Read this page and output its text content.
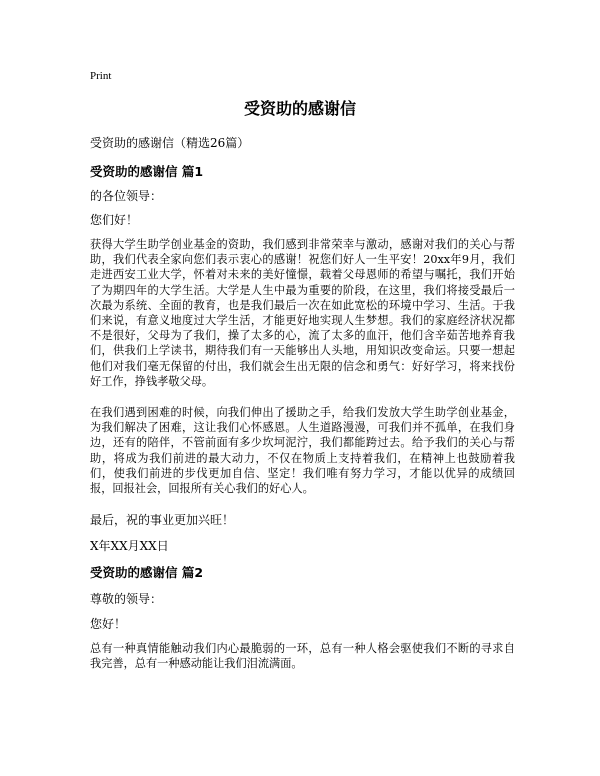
Print
受资助的感谢信
受资助的感谢信（精选26篇）
受资助的感谢信 篇1
的各位领导：
您们好！
获得大学生助学创业基金的资助，我们感到非常荣幸与激动，感谢对我们的关心与帮助，我们代表全家向您们表示衷心的感谢！祝您们好人一生平安！20xx年9月，我们走进西安工业大学，怀着对未来的美好憧憬，载着父母恩师的希望与嘱托，我们开始了为期四年的大学生活。大学是人生中最为重要的阶段，在这里，我们将接受最后一次最为系统、全面的教育，也是我们最后一次在如此宽松的环境中学习、生活。于我们来说，有意义地度过大学生活，才能更好地实现人生梦想。我们的家庭经济状况都不是很好，父母为了我们，操了太多的心，流了太多的血汗，他们含辛茹苦地养育我们，供我们上学读书，期待我们有一天能够出人头地，用知识改变命运。只要一想起他们对我们毫无保留的付出，我们就会生出无限的信念和勇气：好好学习，将来找份好工作，挣钱孝敬父母。
在我们遇到困难的时候，向我们伸出了援助之手，给我们发放大学生助学创业基金，为我们解决了困难，这让我们心怀感恩。人生道路漫漫，可我们并不孤单，在我们身边，还有的陪伴，不管前面有多少坎坷泥泞，我们都能跨过去。给予我们的关心与帮助，将成为我们前进的最大动力，不仅在物质上支持着我们，在精神上也鼓励着我们，使我们前进的步伐更加自信、坚定！我们唯有努力学习，才能以优异的成绩回报，回报社会，回报所有关心我们的好心人。
最后，祝的事业更加兴旺！
X年XX月XX日
受资助的感谢信 篇2
尊敬的领导：
您好！
总有一种真情能触动我们内心最脆弱的一环，总有一种人格会驱使我们不断的寻求自我完善，总有一种感动能让我们泪流满面。
